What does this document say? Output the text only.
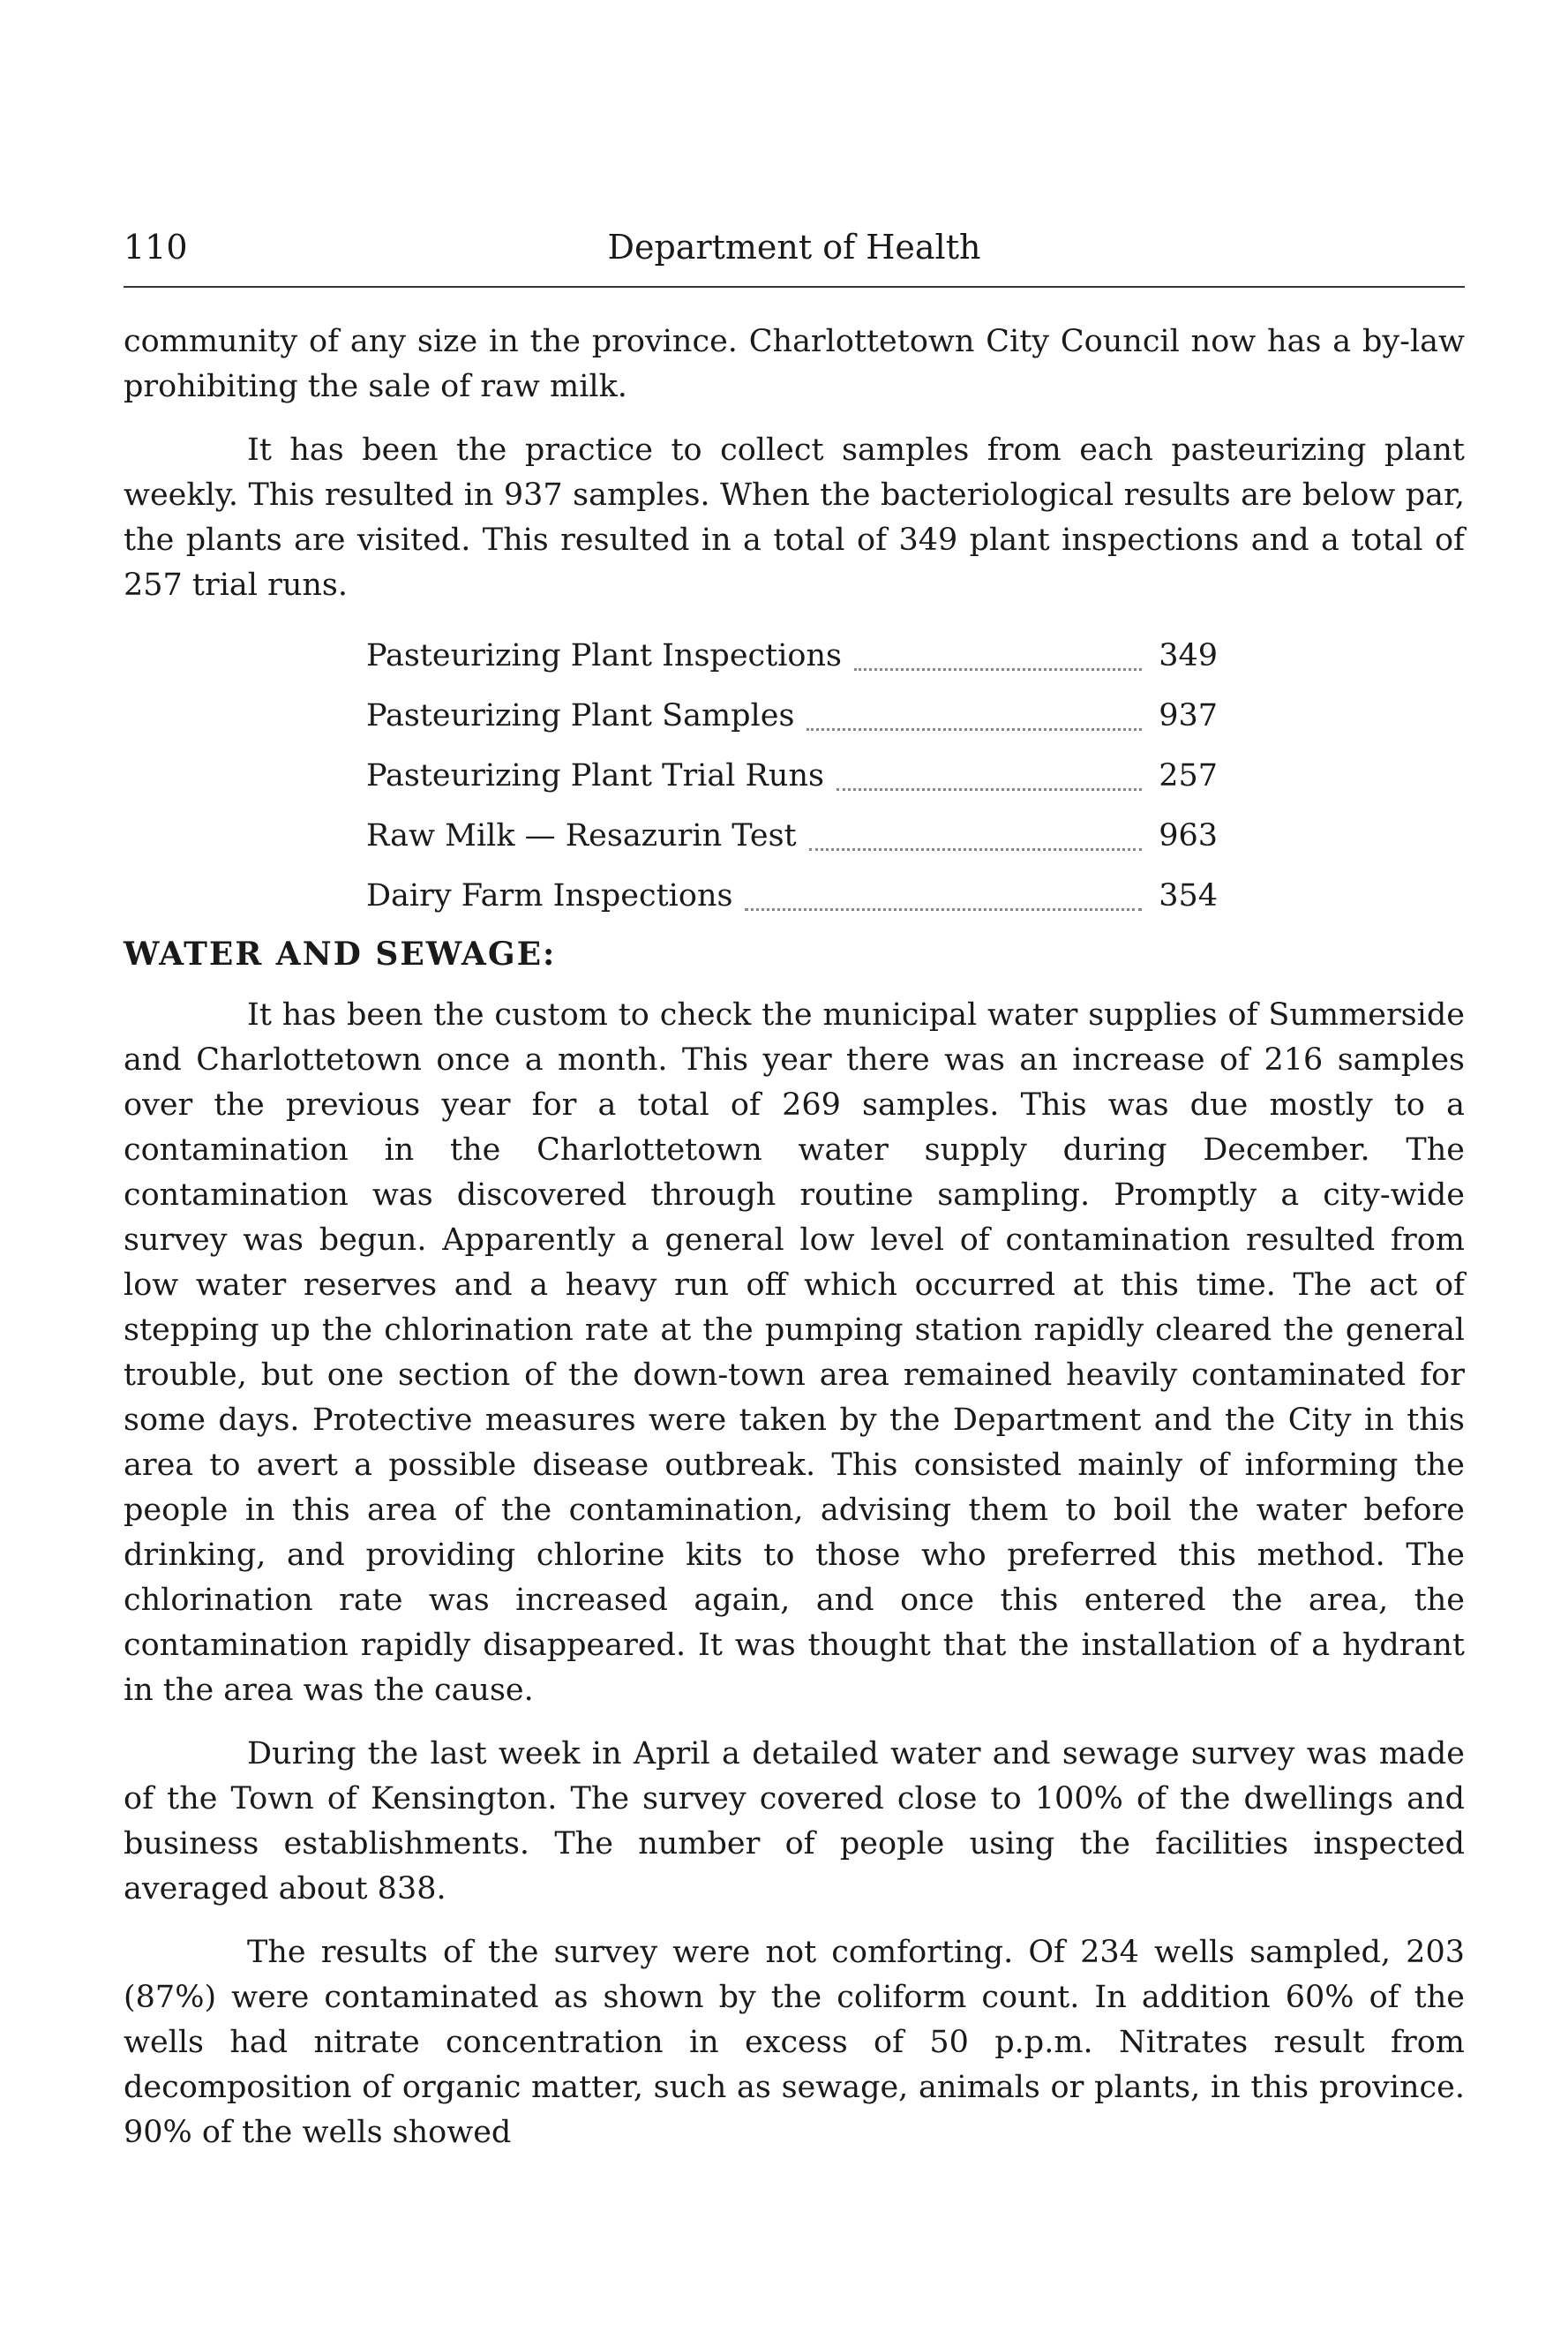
110	Department of Health

community of any size in the province. Charlottetown City Council now has a by-law prohibiting the sale of raw milk.

It has been the practice to collect samples from each pasteurizing plant weekly. This resulted in 937 samples. When the bacteriological results are below par, the plants are visited. This resulted in a total of 349 plant inspections and a total of 257 trial runs.

Pasteurizing Plant Inspections	349
Pasteurizing Plant Samples	937
Pasteurizing Plant Trial Runs	257
Raw Milk — Resazurin Test	963
Dairy Farm Inspections	354
WATER AND SEWAGE:

It has been the custom to check the municipal water supplies of Summerside and Charlottetown once a month. This year there was an increase of 216 samples over the previous year for a total of 269 samples. This was due mostly to a contamination in the Charlottetown water supply during December. The contamination was discovered through routine sampling. Promptly a city-wide survey was begun. Apparently a general low level of contamination resulted from low water reserves and a heavy run off which occurred at this time. The act of stepping up the chlorination rate at the pumping station rapidly cleared the general trouble, but one section of the down-town area remained heavily contaminated for some days. Protective measures were taken by the Department and the City in this area to avert a possible disease outbreak. This consisted mainly of informing the people in this area of the contamination, advising them to boil the water before drinking, and providing chlorine kits to those who preferred this method. The chlorination rate was increased again, and once this entered the area, the contamination rapidly disappeared. It was thought that the installation of a hydrant in the area was the cause.

During the last week in April a detailed water and sewage survey was made of the Town of Kensington. The survey covered close to 100% of the dwellings and business establishments. The number of people using the facilities inspected averaged about 838.

The results of the survey were not comforting. Of 234 wells sampled, 203 (87%) were contaminated as shown by the coliform count. In addition 60% of the wells had nitrate concentration in excess of 50 p.p.m. Nitrates result from decomposition of organic matter, such as sewage, animals or plants, in this province. 90% of the wells showed
